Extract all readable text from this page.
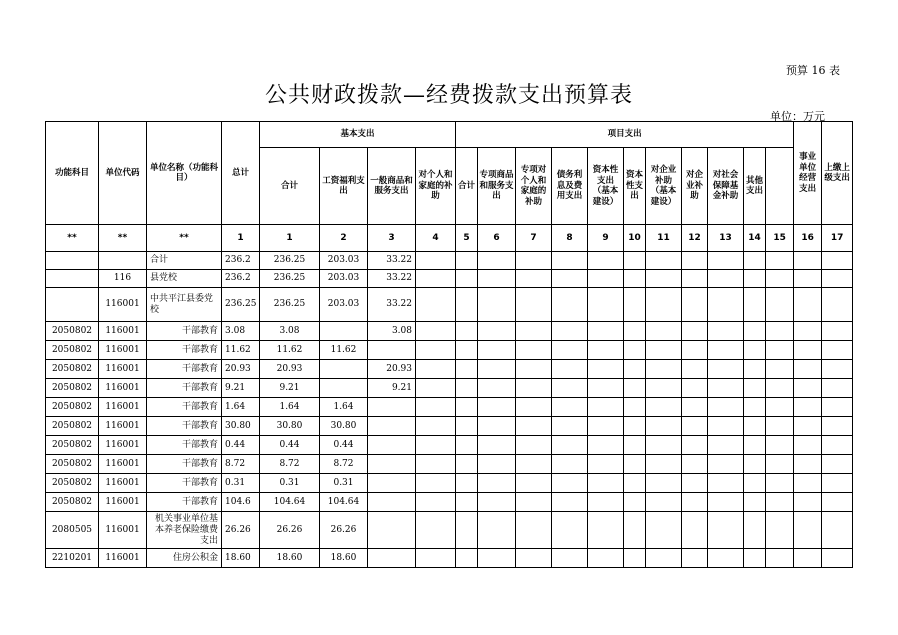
预算 16 表
公共财政拨款—经费拨款支出预算表
单位：万元
功能科目	单位代码	单位名称（功能科目）	总计	基本支出				项目支出											事业单位经营支出	上缴上级支出	
				合计	工资福利支出	一般商品和服务支出	对个人和家庭的补助	合计	专项商品和服务支出	专项对个人和家庭的补助	债务利息及费用支出	资本性支出（基本建设）	资本性支出	对企业补助（基本建设）	对企业补助	对社会保障基金补助	其他支出				
**	**	**	1	1	2	3	4	5	6	7	8	9	10	11	12	13	14	15	16	17	
		合计	236.2	236.25	203.03	33.22															
	116	县党校	236.2	236.25	203.03	33.22															
	116001	中共平江县委党校	236.25	236.25	203.03	33.22															
2050802	116001	干部教育	3.08	3.08		3.08															
2050802	116001	干部教育	11.62	11.62	11.62																
2050802	116001	干部教育	20.93	20.93		20.93															
2050802	116001	干部教育	9.21	9.21		9.21															
2050802	116001	干部教育	1.64	1.64	1.64																
2050802	116001	干部教育	30.80	30.80	30.80																
2050802	116001	干部教育	0.44	0.44	0.44																
2050802	116001	干部教育	8.72	8.72	8.72																
2050802	116001	干部教育	0.31	0.31	0.31																
2050802	116001	干部教育	104.6	104.64	104.64																
2080505	116001	机关事业单位基本养老保险缴费支出	26.26	26.26	26.26																
2210201	116001	住房公积金	18.60	18.60	18.60																
